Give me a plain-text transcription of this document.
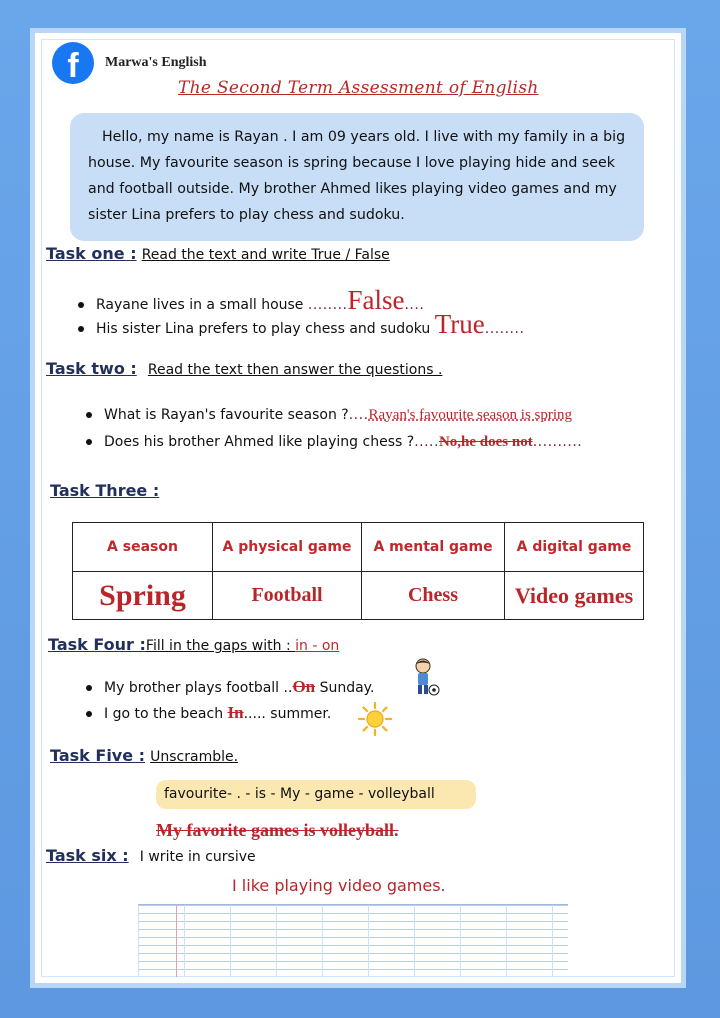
f	Marwa's English
The Second Term Assessment of English

Hello, my name is Rayan . I am 09 years old. I live with my family in a big house. My favourite season is spring because I love playing hide and seek and football outside. My brother Ahmed likes playing video games and my sister Lina prefers to play chess and sudoku.

Task one : Read the text and write True / False
Rayane lives in a small house ........False....
His sister Lina prefers to play chess and sudoku True........
Task two : Read the text then answer the questions .
What is Rayan's favourite season ?....Rayan's favourite season is spring
Does his brother Ahmed like playing chess ?.....No,he does not..........
Task Three :
A season	A physical game	A mental game	A digital game
Spring	Football	Chess	Video games
Task Four :Fill in the gaps with : in - on
My brother plays football ..On Sunday.
I go to the beach In..... summer.
Task Five : Unscramble.
favourite- . - is - My - game - volleyball
My favorite games is volleyball.
Task six : I write in cursive
I like playing video games.
